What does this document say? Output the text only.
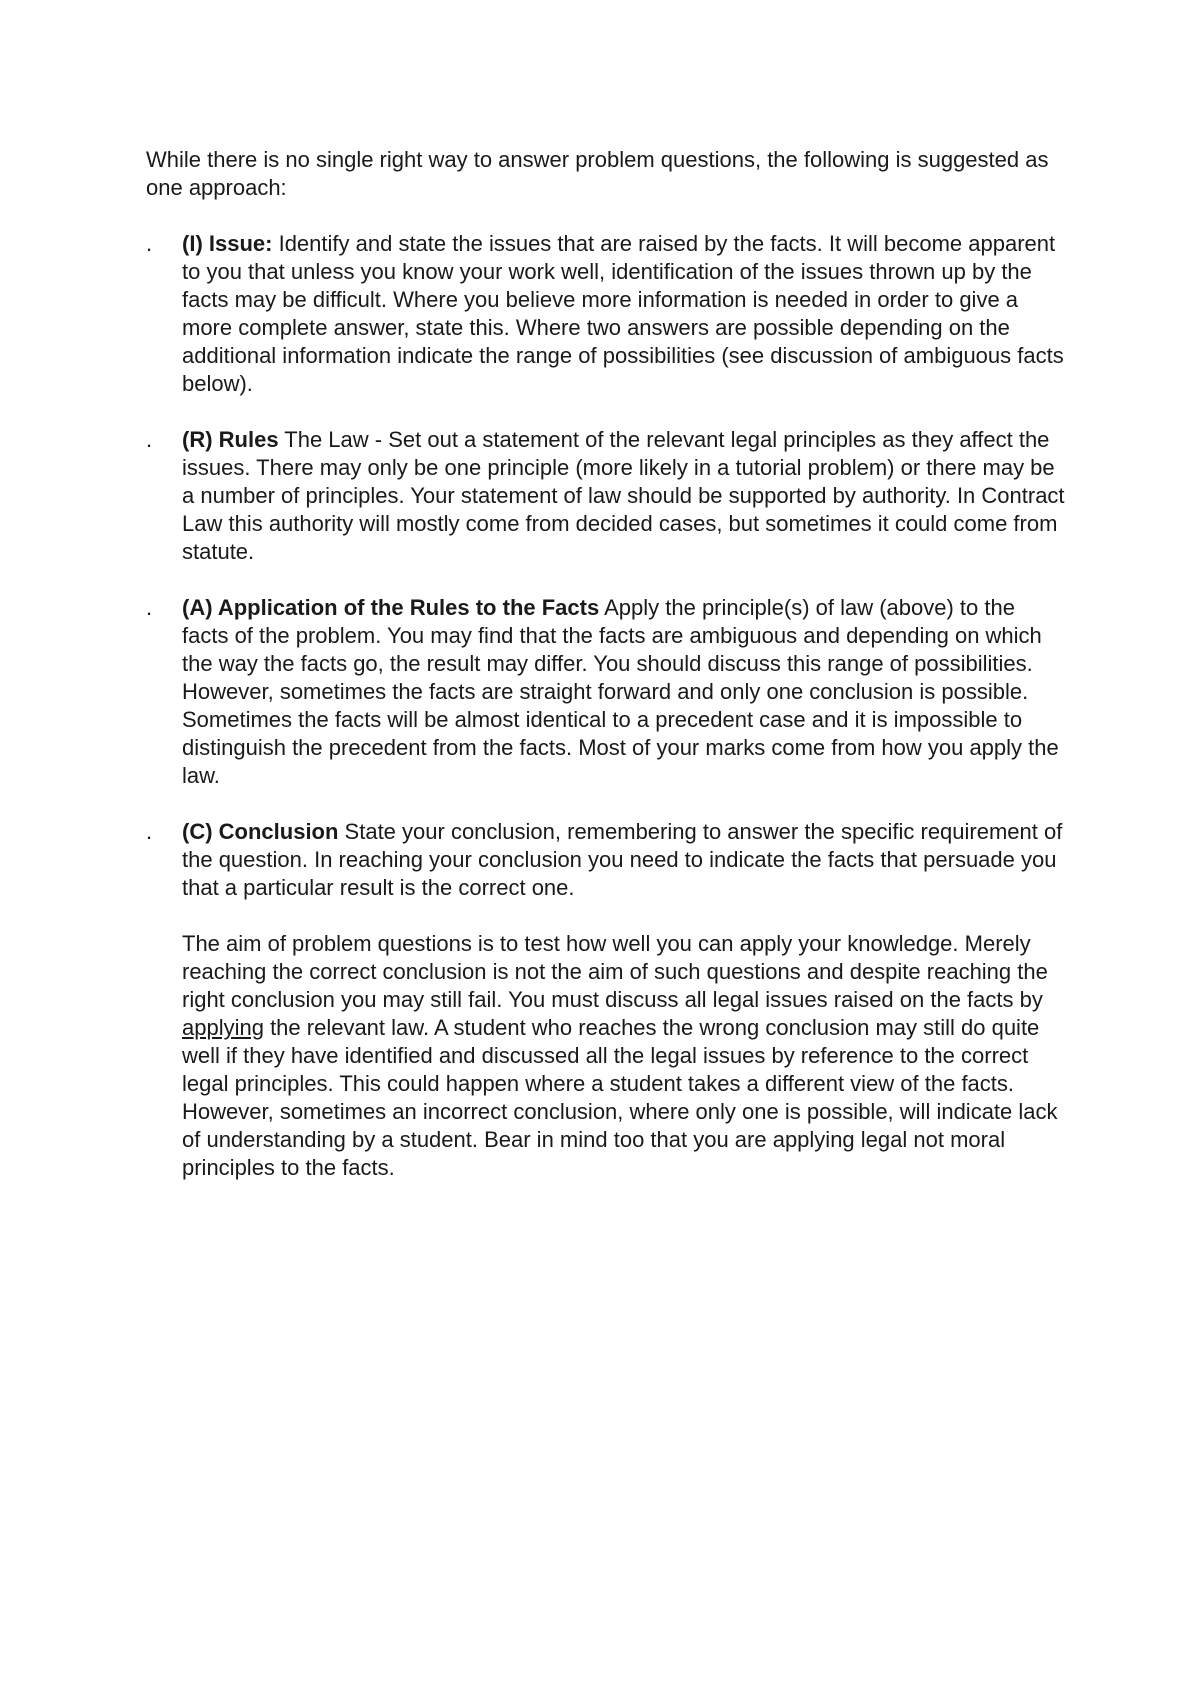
While there is no single right way to answer problem questions, the following is suggested as one approach:

. (I) Issue: Identify and state the issues that are raised by the facts. It will become apparent to you that unless you know your work well, identification of the issues thrown up by the facts may be difficult. Where you believe more information is needed in order to give a more complete answer, state this. Where two answers are possible depending on the additional information indicate the range of possibilities (see discussion of ambiguous facts below).
. (R) Rules The Law - Set out a statement of the relevant legal principles as they affect the issues. There may only be one principle (more likely in a tutorial problem) or there may be a number of principles. Your statement of law should be supported by authority. In Contract Law this authority will mostly come from decided cases, but sometimes it could come from statute.
. (A) Application of the Rules to the Facts Apply the principle(s) of law (above) to the facts of the problem. You may find that the facts are ambiguous and depending on which the way the facts go, the result may differ. You should discuss this range of possibilities. However, sometimes the facts are straight forward and only one conclusion is possible. Sometimes the facts will be almost identical to a precedent case and it is impossible to distinguish the precedent from the facts. Most of your marks come from how you apply the law.
. (C) Conclusion State your conclusion, remembering to answer the specific requirement of the question. In reaching your conclusion you need to indicate the facts that persuade you that a particular result is the correct one.

The aim of problem questions is to test how well you can apply your knowledge. Merely reaching the correct conclusion is not the aim of such questions and despite reaching the right conclusion you may still fail. You must discuss all legal issues raised on the facts by applying the relevant law. A student who reaches the wrong conclusion may still do quite well if they have identified and discussed all the legal issues by reference to the correct legal principles. This could happen where a student takes a different view of the facts. However, sometimes an incorrect conclusion, where only one is possible, will indicate lack of understanding by a student. Bear in mind too that you are applying legal not moral principles to the facts.
